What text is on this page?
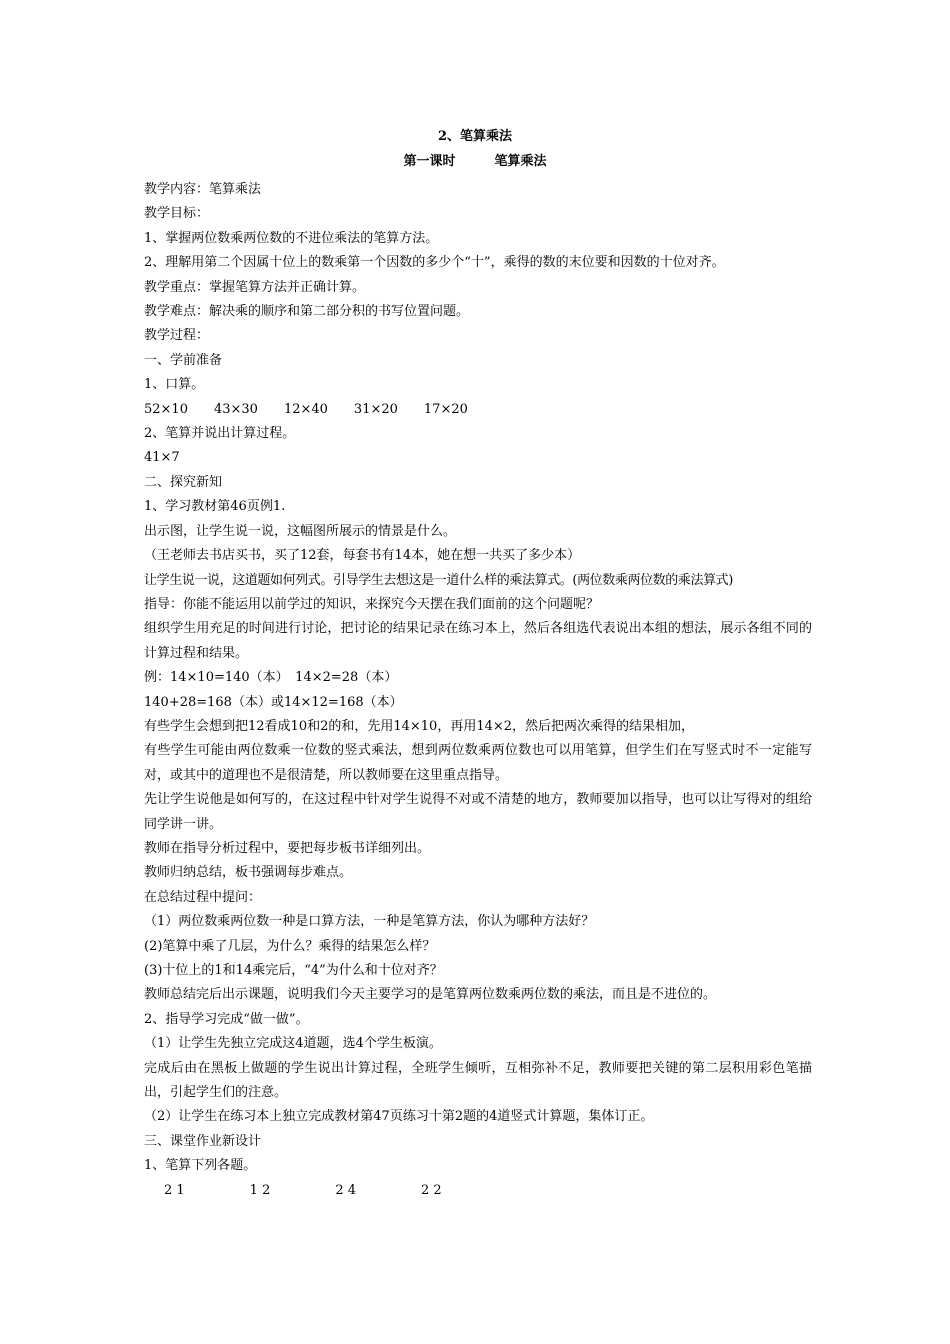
2、笔算乘法
第一课时　　　笔算乘法
教学内容：笔算乘法
教学目标：
1、掌握两位数乘两位数的不进位乘法的笔算方法。
2、理解用第二个因属十位上的数乘第一个因数的多少个“十”，乘得的数的末位要和因数的十位对齐。
教学重点：掌握笔算方法并正确计算。
教学难点：解决乘的顺序和第二部分积的书写位置问题。
教学过程：
一、学前准备
1、口算。
52×10　　43×30　　12×40　　31×20　　17×20
2、笔算并说出计算过程。
41×7
二、探究新知
1、学习教材第46页例1.
出示图，让学生说一说，这幅图所展示的情景是什么。
（王老师去书店买书，买了12套，每套书有14本，她在想一共买了多少本）
让学生说一说，这道题如何列式。引导学生去想这是一道什么样的乘法算式。(两位数乘两位数的乘法算式)
指导：你能不能运用以前学过的知识，来探究今天摆在我们面前的这个问题呢？
组织学生用充足的时间进行讨论，把讨论的结果记录在练习本上，然后各组选代表说出本组的想法，展示各组不同的计算过程和结果。
例：14×10=140（本）　14×2=28（本）
140+28=168（本）或14×12=168（本）
有些学生会想到把12看成10和2的和，先用14×10，再用14×2，然后把两次乘得的结果相加，
有些学生可能由两位数乘一位数的竖式乘法，想到两位数乘两位数也可以用笔算，但学生们在写竖式时不一定能写对，或其中的道理也不是很清楚，所以教师要在这里重点指导。
先让学生说他是如何写的，在这过程中针对学生说得不对或不清楚的地方，教师要加以指导，也可以让写得对的组给同学讲一讲。
教师在指导分析过程中，要把每步板书详细列出。
教师归纳总结，板书强调每步难点。
在总结过程中提问：
（1）两位数乘两位数一种是口算方法，一种是笔算方法，你认为哪种方法好？
(2)笔算中乘了几层，为什么？乘得的结果怎么样？
(3)十位上的1和14乘完后，“4”为什么和十位对齐？
教师总结完后出示课题，说明我们今天主要学习的是笔算两位数乘两位数的乘法，而且是不进位的。
2、指导学习完成“做一做”。
（1）让学生先独立完成这4道题，选4个学生板演。
完成后由在黑板上做题的学生说出计算过程，全班学生倾听，互相弥补不足，教师要把关键的第二层积用彩色笔描出，引起学生们的注意。
（2）让学生在练习本上独立完成教材第47页练习十第2题的4道竖式计算题，集体订正。
三、课堂作业新设计
1、笔算下列各题。
2 1　　　　　1 2　　　　　2 4　　　　　2 2
